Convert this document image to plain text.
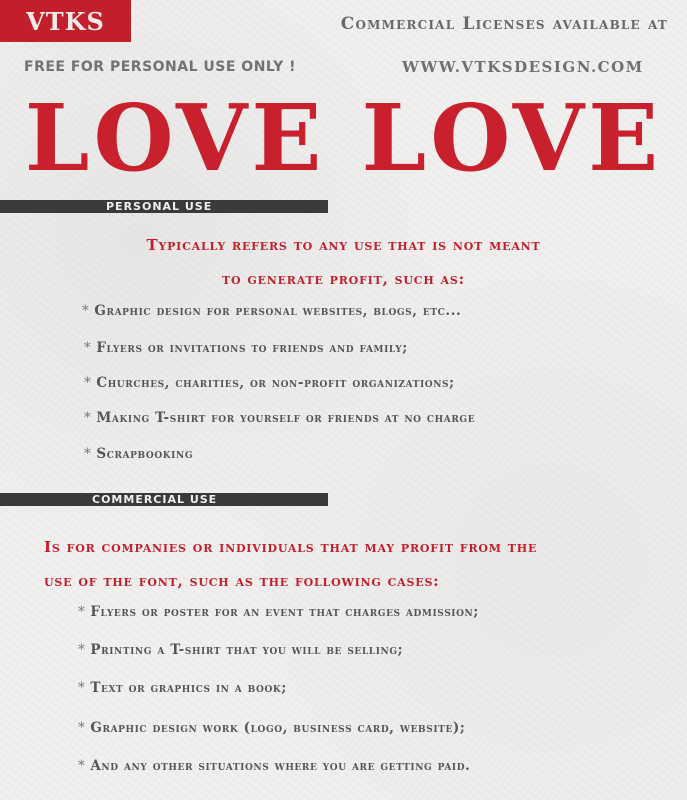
VTKS	Commercial Licenses available at
FREE FOR PERSONAL USE ONLY !	WWW.VTKSDESIGN.COM
LOVE LOVE
PERSONAL USE
Typically refers to any use that is not meant
to generate profit, such as:
* Graphic design for personal websites, blogs, etc...
* Flyers or invitations to friends and family;
* Churches, charities, or non-profit organizations;
* Making T-shirt for yourself or friends at no charge
* Scrapbooking
COMMERCIAL USE
Is for companies or individuals that may profit from the
use of the font, such as the following cases:
* Flyers or poster for an event that charges admission;
* Printing a T-shirt that you will be selling;
* Text or graphics in a book;
* Graphic design work (logo, business card, website);
* And any other situations where you are getting paid.
